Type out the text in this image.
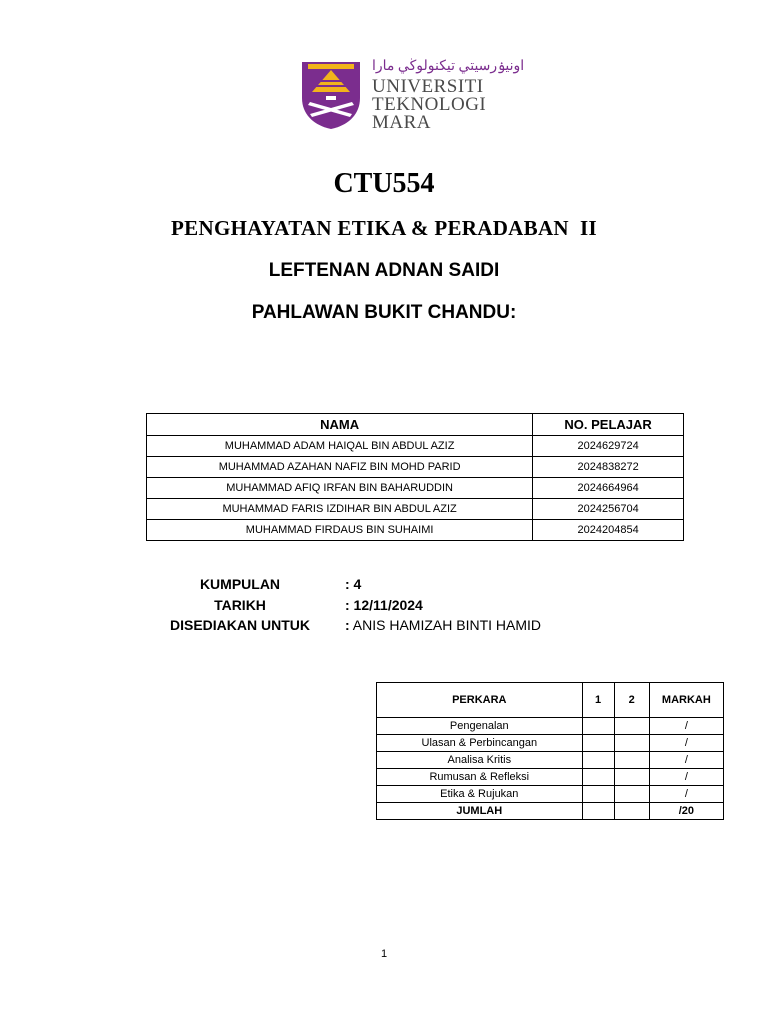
اونيۏرسيتي تيكنولوڬي مارا
UNIVERSITI
TEKNOLOGI
MARA
CTU554
PENGHAYATAN ETIKA & PERADABAN  II
LEFTENAN ADNAN SAIDI
PAHLAWAN BUKIT CHANDU:
NAMA	NO. PELAJAR
MUHAMMAD ADAM HAIQAL BIN ABDUL AZIZ	2024629724
MUHAMMAD AZAHAN NAFIZ BIN MOHD PARID	2024838272
MUHAMMAD AFIQ IRFAN BIN BAHARUDDIN	2024664964
MUHAMMAD FARIS IZDIHAR BIN ABDUL AZIZ	2024256704
MUHAMMAD FIRDAUS BIN SUHAIMI	2024204854
KUMPULAN	: 4
TARIKH	: 12/11/2024
DISEDIAKAN UNTUK	: ANIS HAMIZAH BINTI HAMID
PERKARA	1	2	MARKAH
Pengenalan			/
Ulasan & Perbincangan			/
Analisa Kritis			/
Rumusan & Refleksi			/
Etika & Rujukan			/
JUMLAH			/20
1
